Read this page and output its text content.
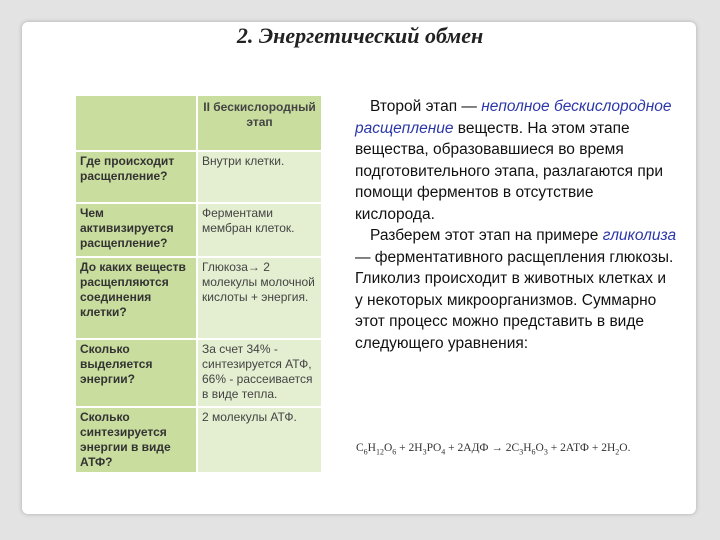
2. Энергетический обмен
	II бескислородный этап
Где происходит расщепление?	Внутри клетки.
Чем активизируется расщепление?	Ферментами мембран клеток.
До каких веществ расщепляются соединения клетки?	Глюкоза→ 2 молекулы молочной кислоты + энергия.
Сколько выделяется энергии?	За счет 34% - синтезируется АТФ, 66% - рассеивается в виде тепла.
Сколько синтезируется энергии в виде АТФ?	2 молекулы АТФ.

Второй этап — неполное бескислородное расщепление веществ. На этом этапе вещества, образовавшиеся во время подготовительного этапа, разлагаются при помощи ферментов в отсутствие кислорода.

Разберем этот этап на примере гликолиза — ферментативного расщепления глюкозы. Гликолиз происходит в животных клетках и у некоторых микроорганизмов. Суммарно этот процесс можно представить в виде следующего уравнения:

$C_6H_{12}O_6 + 2H_3PO_4 + 2АДФ \to 2C_3H_6O_3 + 2АТФ + 2H_2O$.
